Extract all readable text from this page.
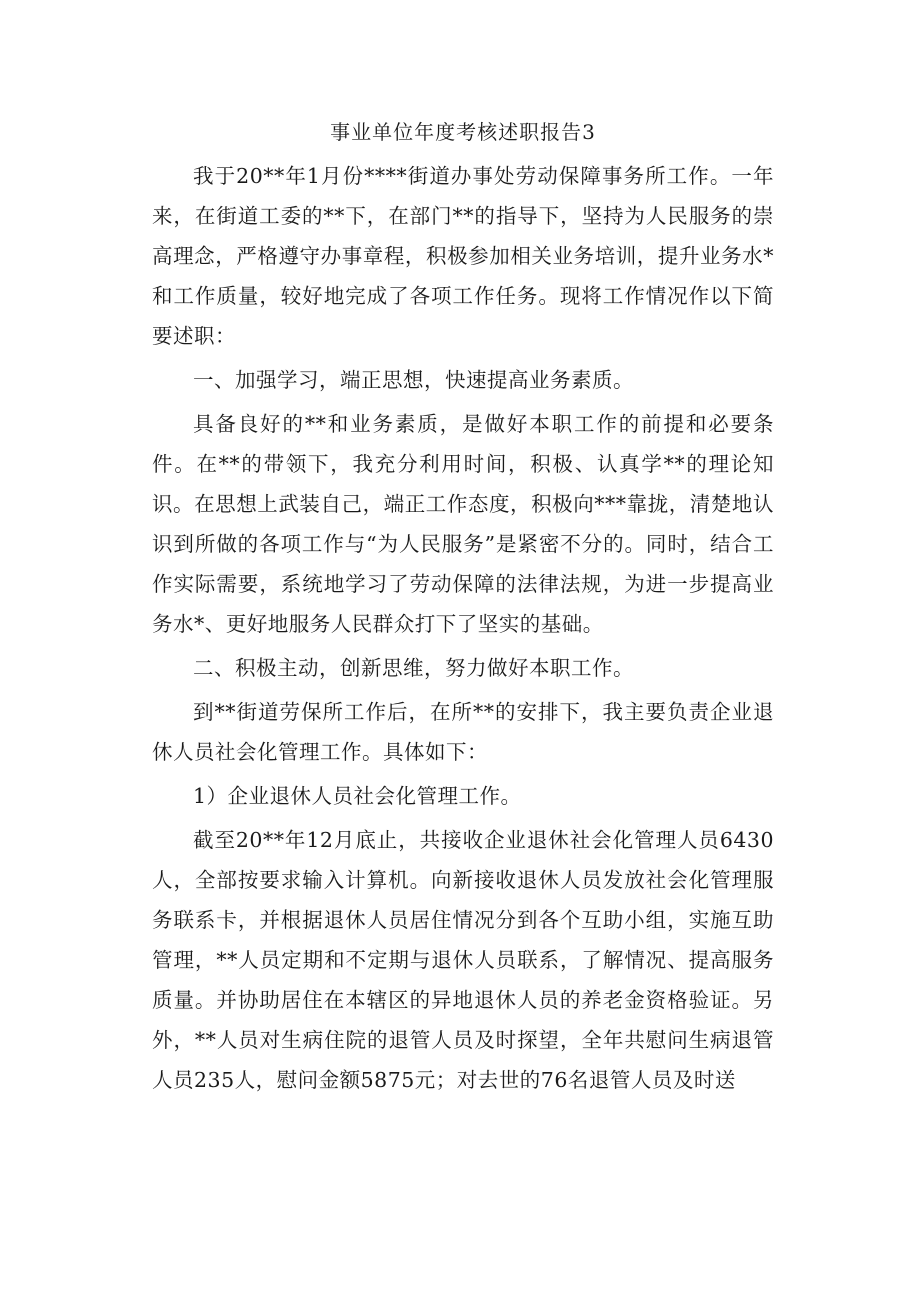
事业单位年度考核述职报告3

我于20**年1月份****街道办事处劳动保障事务所工作。一年来，在街道工委的**下，在部门**的指导下，坚持为人民服务的崇高理念，严格遵守办事章程，积极参加相关业务培训，提升业务水*和工作质量，较好地完成了各项工作任务。现将工作情况作以下简要述职：

一、加强学习，端正思想，快速提高业务素质。

具备良好的**和业务素质，是做好本职工作的前提和必要条件。在**的带领下，我充分利用时间，积极、认真学**的理论知识。在思想上武装自己，端正工作态度，积极向***靠拢，清楚地认识到所做的各项工作与“为人民服务”是紧密不分的。同时，结合工作实际需要，系统地学习了劳动保障的法律法规，为进一步提高业务水*、更好地服务人民群众打下了坚实的基础。

二、积极主动，创新思维，努力做好本职工作。

到**街道劳保所工作后，在所**的安排下，我主要负责企业退休人员社会化管理工作。具体如下：

1）企业退休人员社会化管理工作。

截至20**年12月底止，共接收企业退休社会化管理人员6430人，全部按要求输入计算机。向新接收退休人员发放社会化管理服务联系卡，并根据退休人员居住情况分到各个互助小组，实施互助管理，**人员定期和不定期与退休人员联系，了解情况、提高服务质量。并协助居住在本辖区的异地退休人员的养老金资格验证。另外，**人员对生病住院的退管人员及时探望，全年共慰问生病退管人员235人，慰问金额5875元；对去世的76名退管人员及时送
